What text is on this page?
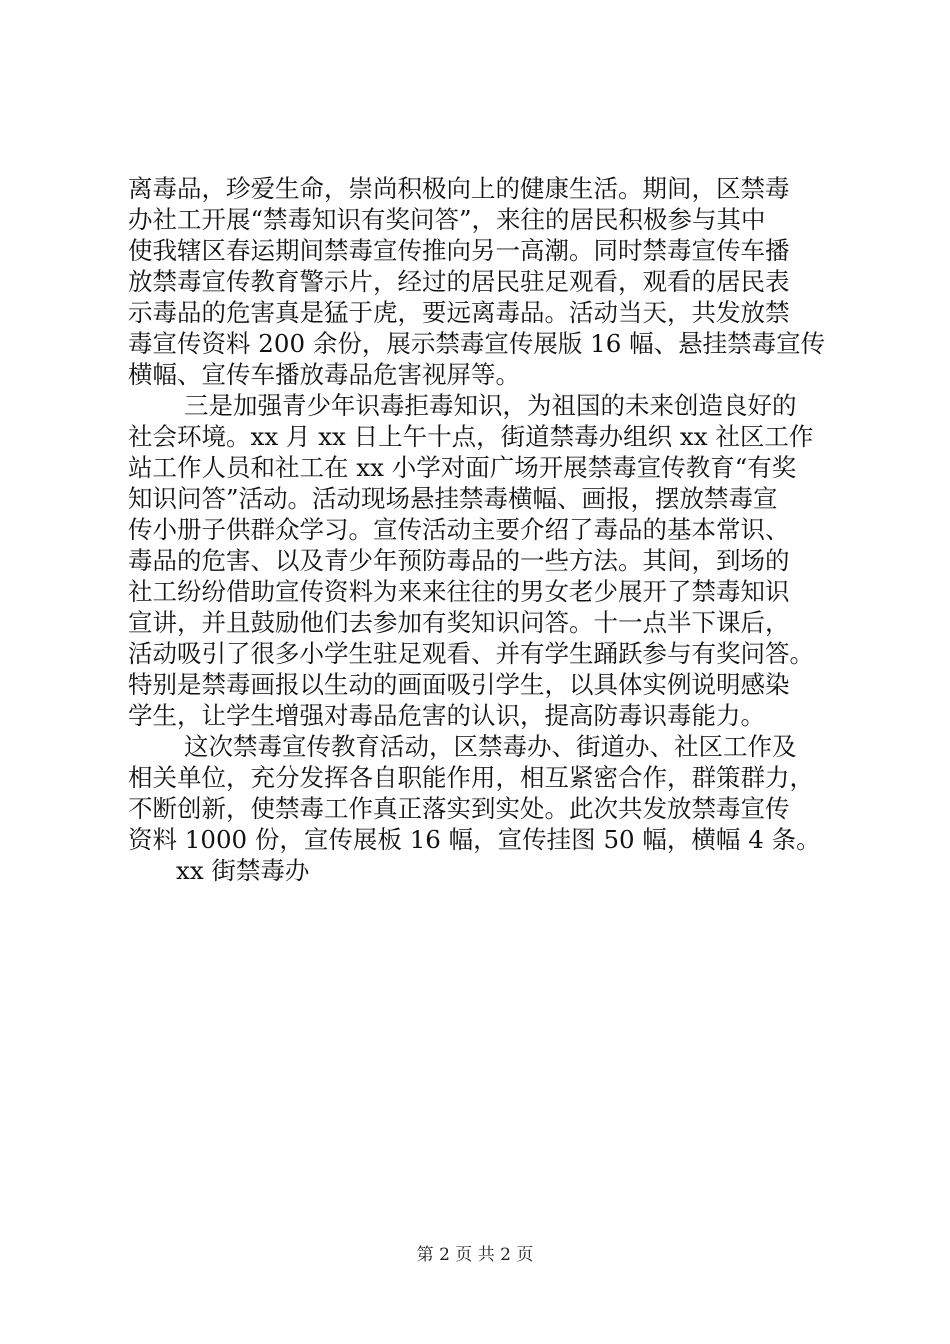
离毒品，珍爱生命，崇尚积极向上的健康生活。期间，区禁毒
办社工开展“禁毒知识有奖问答”，来往的居民积极参与其中
使我辖区春运期间禁毒宣传推向另一高潮。同时禁毒宣传车播
放禁毒宣传教育警示片，经过的居民驻足观看，观看的居民表
示毒品的危害真是猛于虎，要远离毒品。活动当天，共发放禁
毒宣传资料 200 余份，展示禁毒宣传展版 16 幅、悬挂禁毒宣传
横幅、宣传车播放毒品危害视屏等。
三是加强青少年识毒拒毒知识，为祖国的未来创造良好的
社会环境。xx 月 xx 日上午十点，街道禁毒办组织 xx 社区工作
站工作人员和社工在 xx 小学对面广场开展禁毒宣传教育“有奖
知识问答”活动。活动现场悬挂禁毒横幅、画报，摆放禁毒宣
传小册子供群众学习。宣传活动主要介绍了毒品的基本常识、
毒品的危害、以及青少年预防毒品的一些方法。其间，到场的
社工纷纷借助宣传资料为来来往往的男女老少展开了禁毒知识
宣讲，并且鼓励他们去参加有奖知识问答。十一点半下课后，
活动吸引了很多小学生驻足观看、并有学生踊跃参与有奖问答。
特别是禁毒画报以生动的画面吸引学生，以具体实例说明感染
学生，让学生增强对毒品危害的认识，提高防毒识毒能力。
这次禁毒宣传教育活动，区禁毒办、街道办、社区工作及
相关单位，充分发挥各自职能作用，相互紧密合作，群策群力，
不断创新，使禁毒工作真正落实到实处。此次共发放禁毒宣传
资料 1000 份，宣传展板 16 幅，宣传挂图 50 幅，横幅 4 条。
xx 街禁毒办
第 2 页 共 2 页
